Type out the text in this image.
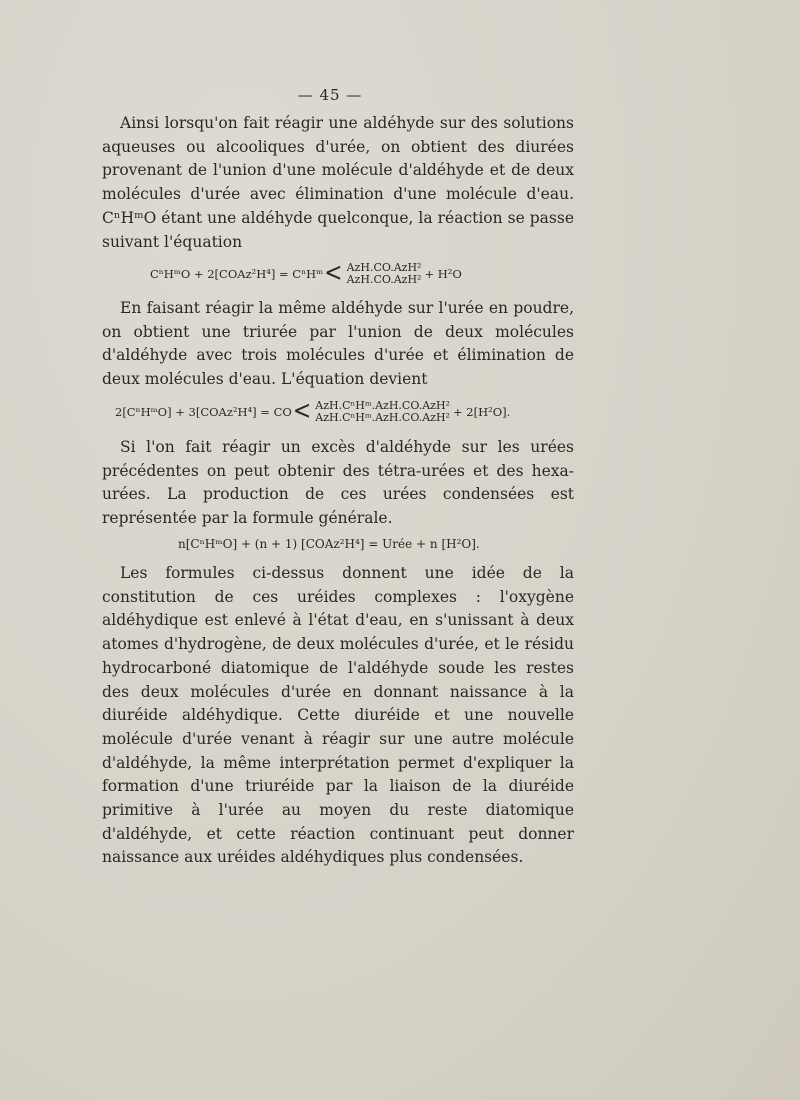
— 45 —

Ainsi lorsqu'on fait réagir une aldéhyde sur des solutions aqueuses ou alcooliques d'urée, on obtient des diurées provenant de l'union d'une molécule d'aldéhyde et de deux molécules d'urée avec élimination d'une molécule d'eau. CⁿHᵐO étant une aldéhyde quelconque, la réaction se passe suivant l'équation

CⁿHᵐO + 2[COAz²H⁴] = CⁿHᵐ < AzH.CO.AzH²
AzH.CO.AzH² + H²O

En faisant réagir la même aldéhyde sur l'urée en poudre, on obtient une triurée par l'union de deux molécules d'aldéhyde avec trois molécules d'urée et élimination de deux molécules d'eau. L'équation devient

2[CⁿHᵐO] + 3[COAz²H⁴] = CO < AzH.CⁿHᵐ.AzH.CO.AzH²
AzH.CⁿHᵐ.AzH.CO.AzH² + 2[H²O].

Si l'on fait réagir un excès d'aldéhyde sur les urées précédentes on peut obtenir des tétra-urées et des hexa-urées. La production de ces urées condensées est représentée par la formule générale.

n[CⁿHᵐO] + (n + 1) [COAz²H⁴] = Urée + n [H²O].

Les formules ci-dessus donnent une idée de la constitution de ces uréides complexes : l'oxygène aldéhydique est enlevé à l'état d'eau, en s'unissant à deux atomes d'hydrogène, de deux molécules d'urée, et le résidu hydrocarboné diatomique de l'aldéhyde soude les restes des deux molécules d'urée en donnant naissance à la diuréide aldéhydique. Cette diuréide et une nouvelle molécule d'urée venant à réagir sur une autre molécule d'aldéhyde, la même interprétation permet d'expliquer la formation d'une triuréide par la liaison de la diuréide primitive à l'urée au moyen du reste diatomique d'aldéhyde, et cette réaction continuant peut donner naissance aux uréides aldéhydiques plus condensées.
